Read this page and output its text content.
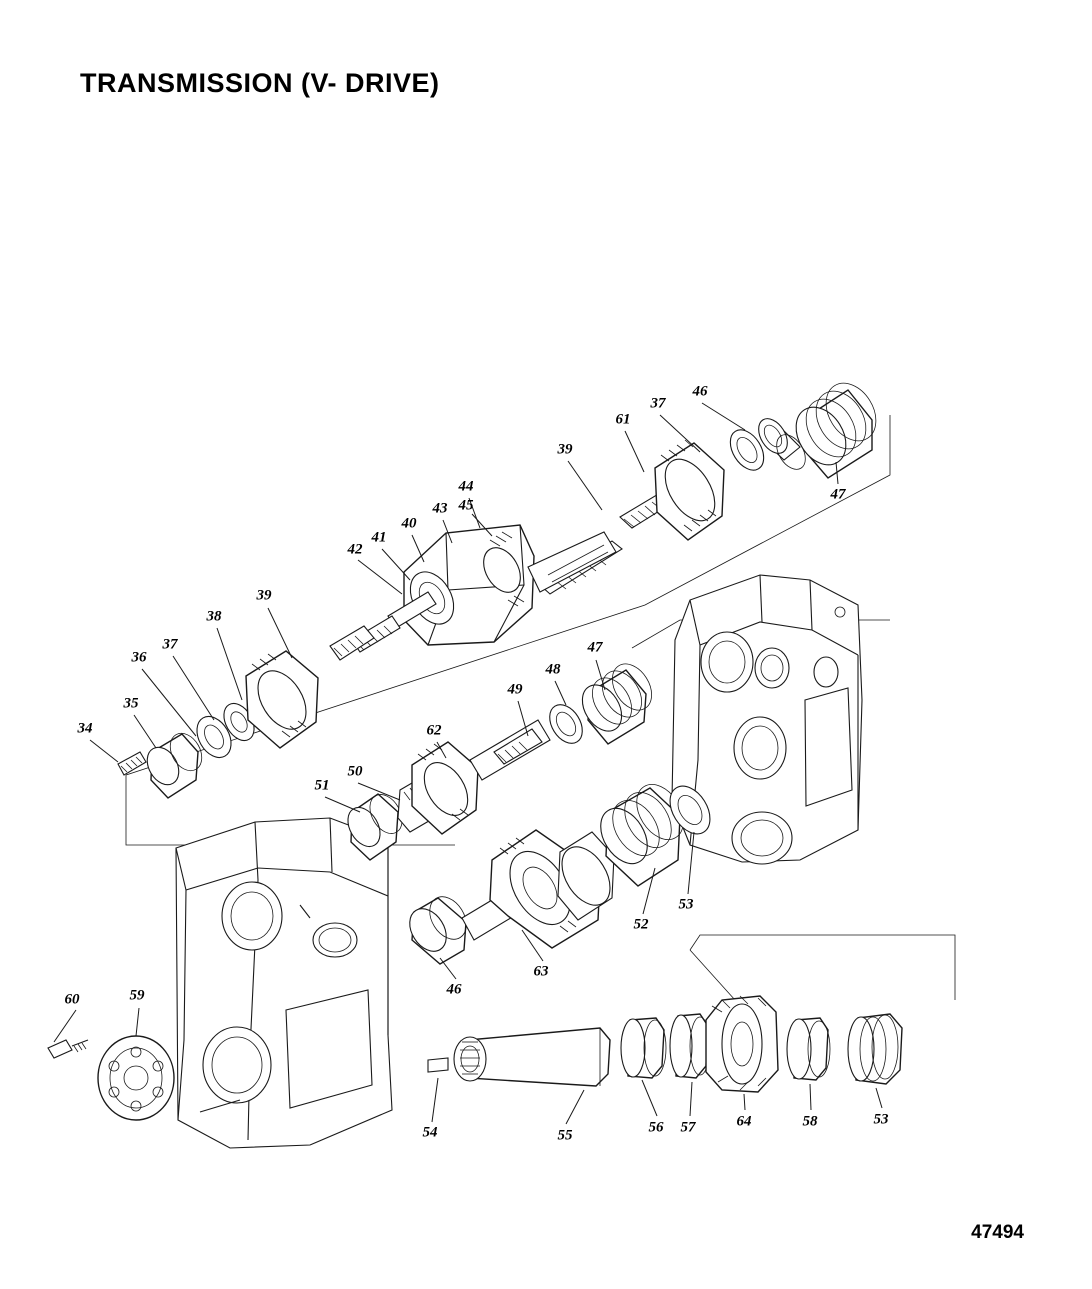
TRANSMISSION (V- DRIVE)
47494
34
35
36
37
38
39
42
41
40
43
44
45
39
61
37
46
47
47
48
49
62
50
51
52
53
63
46
60	59
54	55	56 57	64	58	53
